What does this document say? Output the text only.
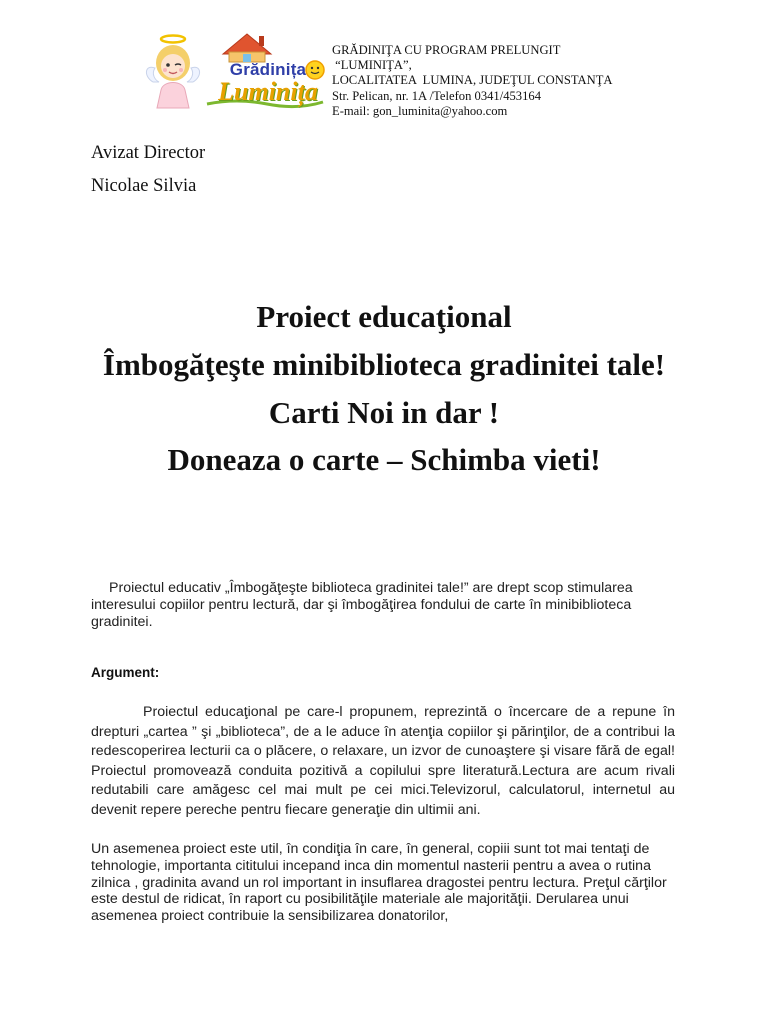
Grădinița
Luminița
GRĂDINIŢA CU PROGRAM PRELUNGIT
“LUMINIŢA”,
LOCALITATEA  LUMINA, JUDEŢUL CONSTANŢA
Str. Pelican, nr. 1A /Telefon 0341/453164
E-mail: gon_luminita@yahoo.com
Avizat Director
Nicolae Silvia

Proiect educaţional

Îmbogăţeşte minibiblioteca gradinitei tale!

Carti Noi in dar !

Doneaza o carte – Schimba vieti!

Proiectul educativ „Îmbogăţeşte biblioteca gradinitei tale!” are drept scop stimularea interesului copiilor pentru lectură, dar şi îmbogăţirea fondului de carte în minibiblioteca gradinitei.
Argument:
Proiectul educaţional pe care-l propunem, reprezintă o încercare de a repune în drepturi „cartea ” şi „biblioteca”, de a le aduce în atenţia copiilor şi părinţilor, de a contribui la redescoperirea lecturii ca o plăcere, o relaxare, un izvor de cunoaştere şi visare fără de egal! Proiectul promovează conduita pozitivă a copilului spre literatură.Lectura are acum rivali redutabili care amăgesc cel mai mult pe cei mici.Televizorul, calculatorul, internetul au devenit repere pereche pentru fiecare generaţie din ultimii ani.
Un asemenea proiect este util, în condiţia în care, în general, copiii sunt tot mai tentaţi de tehnologie, importanta cititului incepand inca din momentul nasterii pentru a avea o rutina zilnica , gradinita avand un rol important in insuflarea dragostei pentru lectura. Preţul cărţilor este destul de ridicat, în raport cu posibilităţile materiale ale majorităţii. Derularea unui asemenea proiect contribuie la sensibilizarea donatorilor,
